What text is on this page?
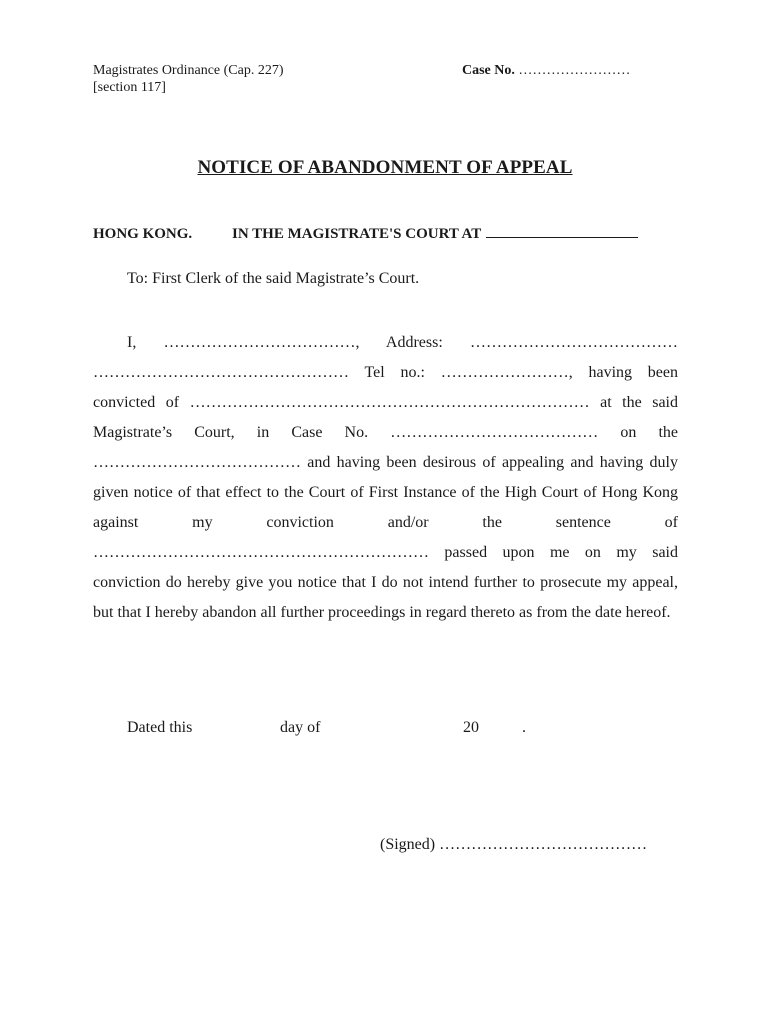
Magistrates Ordinance (Cap. 227)
[section 117]
Case No. ……………………
NOTICE OF ABANDONMENT OF APPEAL
HONG KONG.	IN THE MAGISTRATE'S COURT AT
To: First Clerk of the said Magistrate’s Court.

I, ………………………………, Address: ………………………………… ………………………………………… Tel no.: ……………………, having been convicted of ………………………………………………………………… at the said Magistrate’s Court, in Case No. ………………………………… on the ………………………………… and having been desirous of appealing and having duly given notice of that effect to the Court of First Instance of the High Court of Hong Kong against my conviction and/or the sentence of ……………………………………………………… passed upon me on my said conviction do hereby give you notice that I do not intend further to prosecute my appeal, but that I hereby abandon all further proceedings in regard thereto as from the date hereof.

Dated this	day of	20	.
(Signed) …………………………………
